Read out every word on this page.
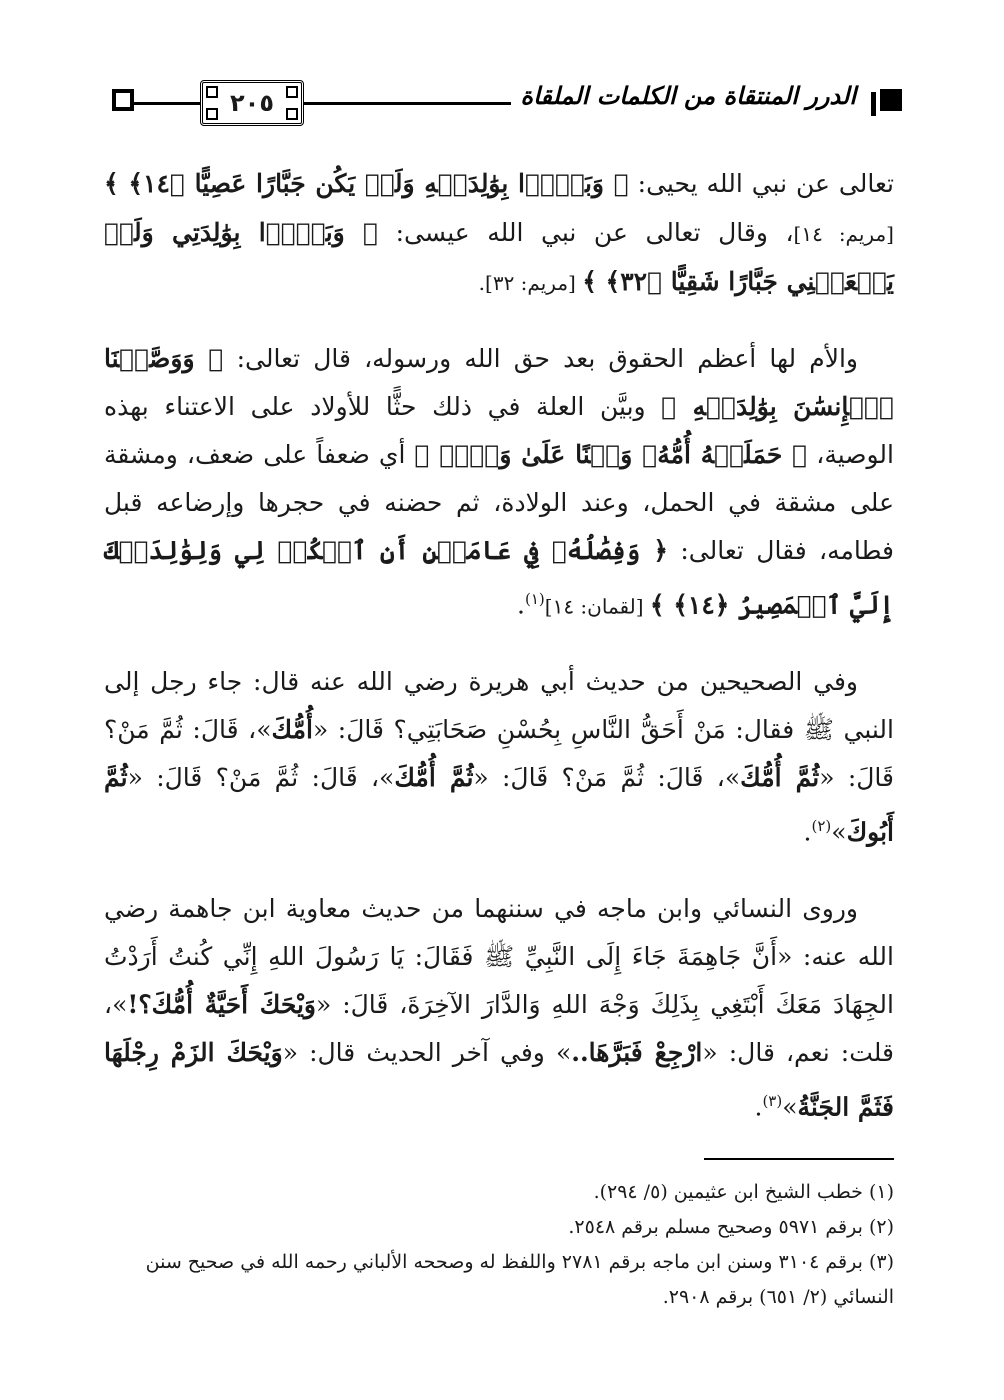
٢٠٥	الدرر المنتقاة من الكلمات الملقاة

تعالى عن نبي الله يحيى: ﴿ وَبَرًّۢا بِوَٰلِدَيۡهِ وَلَمۡ يَكُن جَبَّارًا عَصِيًّا ﴿١٤﴾ ﴾ [مريم: ١٤]، وقال تعالى عن نبي الله عيسى: ﴿ وَبَرًّۢا بِوَٰلِدَتِي وَلَمۡ يَجۡعَلۡنِي جَبَّارًا شَقِيًّا ﴿٣٢﴾ ﴾ [مريم: ٣٢].

والأم لها أعظم الحقوق بعد حق الله ورسوله، قال تعالى: ﴿ وَوَصَّيۡنَا ٱلۡإِنسَٰنَ بِوَٰلِدَيۡهِ ﴾ وبيَّن العلة في ذلك حثًّا للأولاد على الاعتناء بهذه الوصية، ﴿ حَمَلَتۡهُ أُمُّهُۥ وَهۡنًا عَلَىٰ وَهۡنٖ ﴾ أي ضعفاً على ضعف، ومشقة على مشقة في الحمل، وعند الولادة، ثم حضنه في حجرها وإرضاعه قبل فطامه، فقال تعالى: ﴿ وَفِصَٰلُهُۥ فِي عَامَيۡنِ أَنِ ٱشۡكُرۡ لِي وَلِوَٰلِدَيۡكَ إِلَيَّ ٱلۡمَصِيرُ ﴿١٤﴾ ﴾ [لقمان: ١٤]$^{(١)}$.

وفي الصحيحين من حديث أبي هريرة رضي الله عنه قال: جاء رجل إلى النبي ﷺ فقال: مَنْ أَحَقُّ النَّاسِ بِحُسْنِ صَحَابَتِي؟ قَالَ: «أُمُّكَ»، قَالَ: ثُمَّ مَنْ؟ قَالَ: «ثُمَّ أُمُّكَ»، قَالَ: ثُمَّ مَنْ؟ قَالَ: «ثُمَّ أُمُّكَ»، قَالَ: ثُمَّ مَنْ؟ قَالَ: «ثُمَّ أَبُوكَ»$^{(٢)}$.

وروى النسائي وابن ماجه في سننهما من حديث معاوية ابن جاهمة رضي الله عنه: «أَنَّ جَاهِمَةَ جَاءَ إِلَى النَّبِيِّ ﷺ فَقَالَ: يَا رَسُولَ اللهِ إِنِّي كُنتُ أَرَدْتُ الجِهَادَ مَعَكَ أَبْتَغِي بِذَلِكَ وَجْهَ اللهِ وَالدَّارَ الآخِرَةَ، قَالَ: «وَيْحَكَ أَحَيَّةٌ أُمُّكَ؟!»، قلت: نعم، قال: «ارْجِعْ فَبَرَّهَا..» وفي آخر الحديث قال: «وَيْحَكَ الزَمْ رِجْلَهَا فَثَمَّ الجَنَّةُ»$^{(٣)}$.

(١) خطب الشيخ ابن عثيمين (٥/ ٢٩٤).

(٢) برقم ٥٩٧١ وصحيح مسلم برقم ٢٥٤٨.

(٣) برقم ٣١٠٤ وسنن ابن ماجه برقم ٢٧٨١ واللفظ له وصححه الألباني رحمه الله في صحيح سنن النسائي (٢/ ٦٥١) برقم ٢٩٠٨.
